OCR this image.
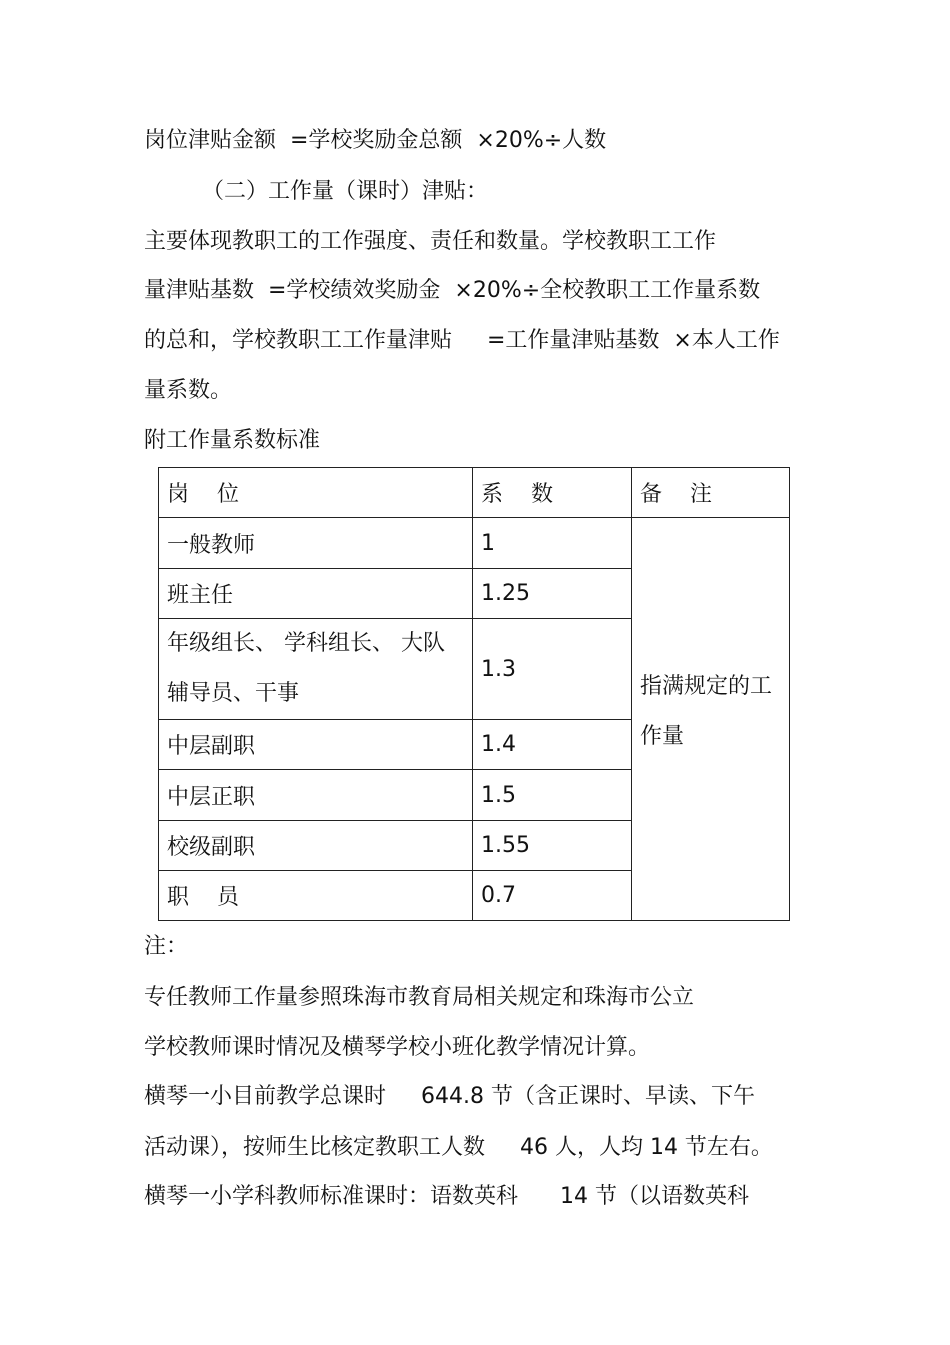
岗位津贴金额  =学校奖励金总额  ×20%÷人数
（二）工作量（课时）津贴：
主要体现教职工的工作强度、责任和数量。学校教职工工作
量津贴基数  =学校绩效奖励金  ×20%÷全校教职工工作量系数
的总和，学校教职工工作量津贴     =工作量津贴基数  ×本人工作
量系数。
附工作量系数标准
岗    位	系    数	备    注
一般教师	1	指满规定的工作量
班主任	1.25	
年级组长、 学科组长、 大队辅导员、干事	1.3	
中层副职	1.4	
中层正职	1.5	
校级副职	1.55	
职    员	0.7	
注：
专任教师工作量参照珠海市教育局相关规定和珠海市公立
学校教师课时情况及横琴学校小班化教学情况计算。
横琴一小目前教学总课时     644.8 节（含正课时、早读、下午
活动课），按师生比核定教职工人数     46 人，人均 14 节左右。
横琴一小学科教师标准课时：语数英科      14 节（以语数英科
